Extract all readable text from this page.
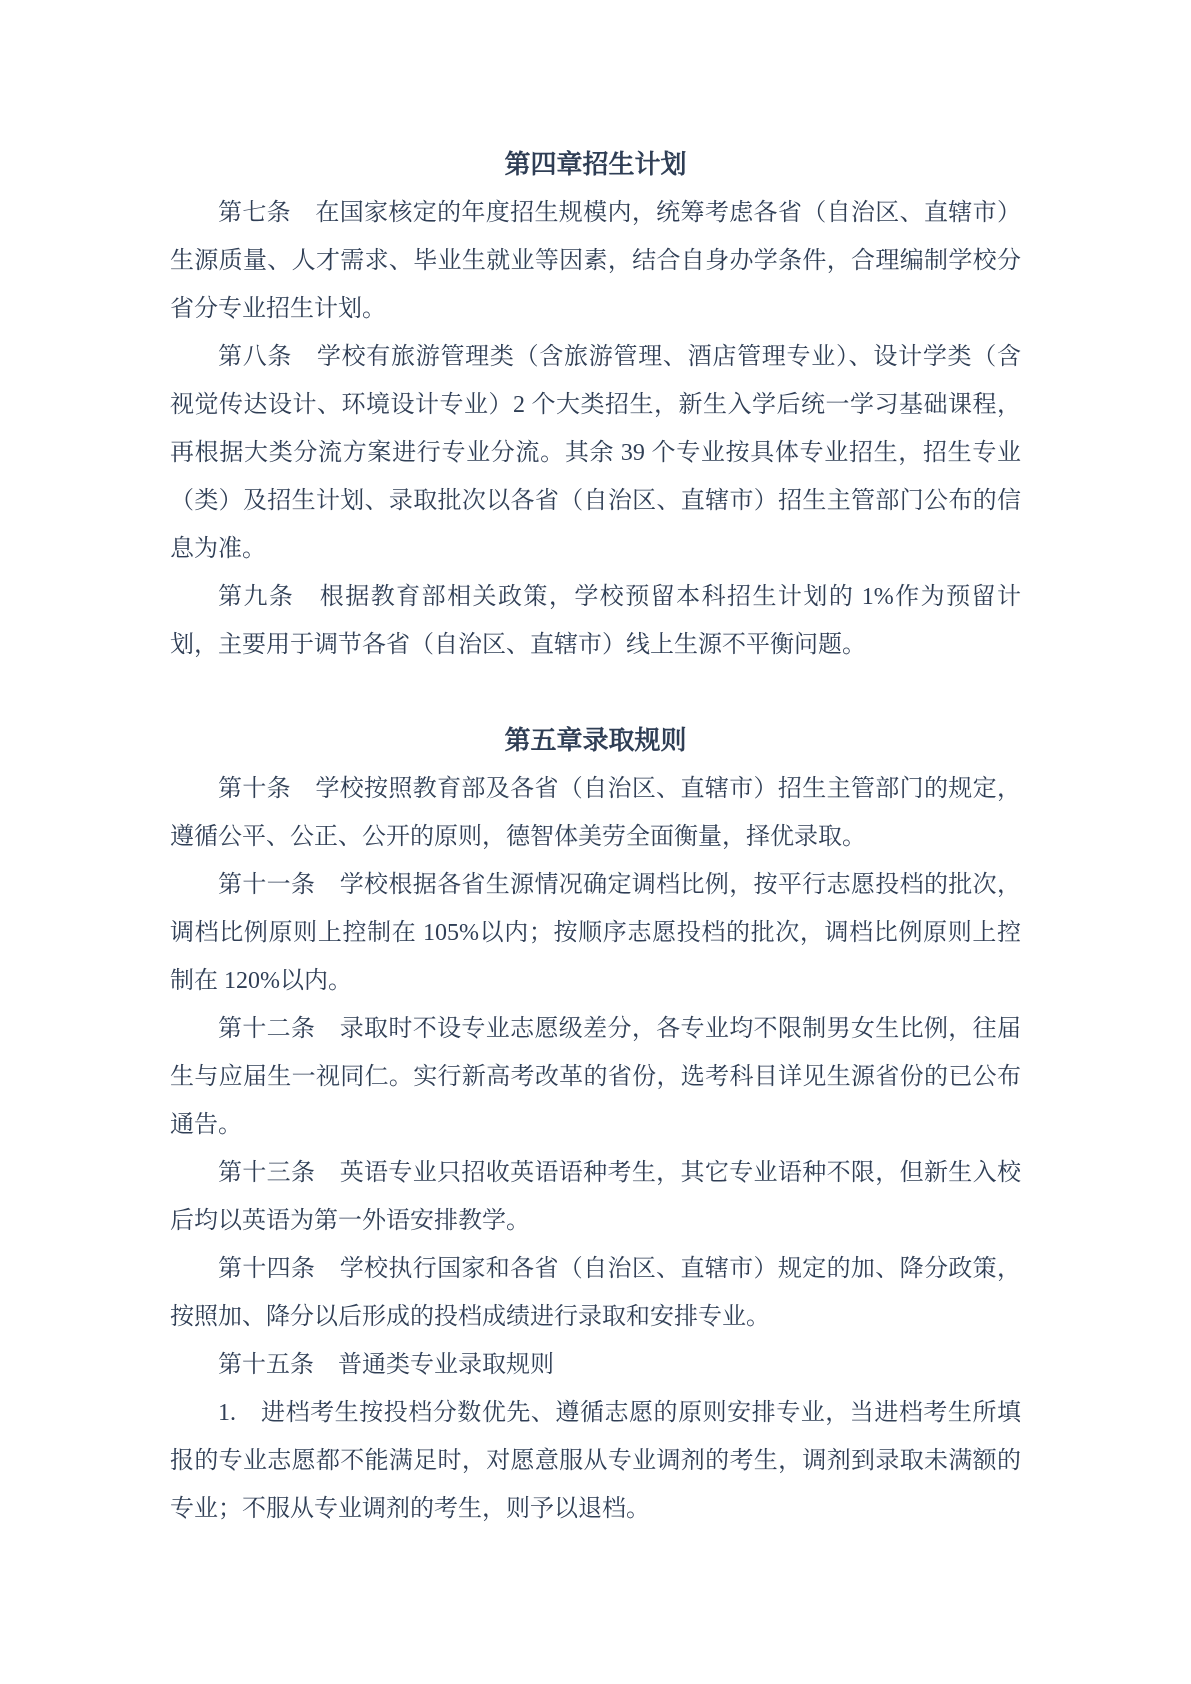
第四章招生计划

第七条　在国家核定的年度招生规模内，统筹考虑各省（自治区、直辖市）生源质量、人才需求、毕业生就业等因素，结合自身办学条件，合理编制学校分省分专业招生计划。

第八条　学校有旅游管理类（含旅游管理、酒店管理专业）、设计学类（含视觉传达设计、环境设计专业）2 个大类招生，新生入学后统一学习基础课程，再根据大类分流方案进行专业分流。其余 39 个专业按具体专业招生，招生专业（类）及招生计划、录取批次以各省（自治区、直辖市）招生主管部门公布的信息为准。

第九条　根据教育部相关政策，学校预留本科招生计划的 1%作为预留计划，主要用于调节各省（自治区、直辖市）线上生源不平衡问题。

第五章录取规则

第十条　学校按照教育部及各省（自治区、直辖市）招生主管部门的规定，遵循公平、公正、公开的原则，德智体美劳全面衡量，择优录取。

第十一条　学校根据各省生源情况确定调档比例，按平行志愿投档的批次，调档比例原则上控制在 105%以内；按顺序志愿投档的批次，调档比例原则上控制在 120%以内。

第十二条　录取时不设专业志愿级差分，各专业均不限制男女生比例，往届生与应届生一视同仁。实行新高考改革的省份，选考科目详见生源省份的已公布通告。

第十三条　英语专业只招收英语语种考生，其它专业语种不限，但新生入校后均以英语为第一外语安排教学。

第十四条　学校执行国家和各省（自治区、直辖市）规定的加、降分政策，按照加、降分以后形成的投档成绩进行录取和安排专业。

第十五条　普通类专业录取规则

1.　进档考生按投档分数优先、遵循志愿的原则安排专业，当进档考生所填报的专业志愿都不能满足时，对愿意服从专业调剂的考生，调剂到录取未满额的专业；不服从专业调剂的考生，则予以退档。
